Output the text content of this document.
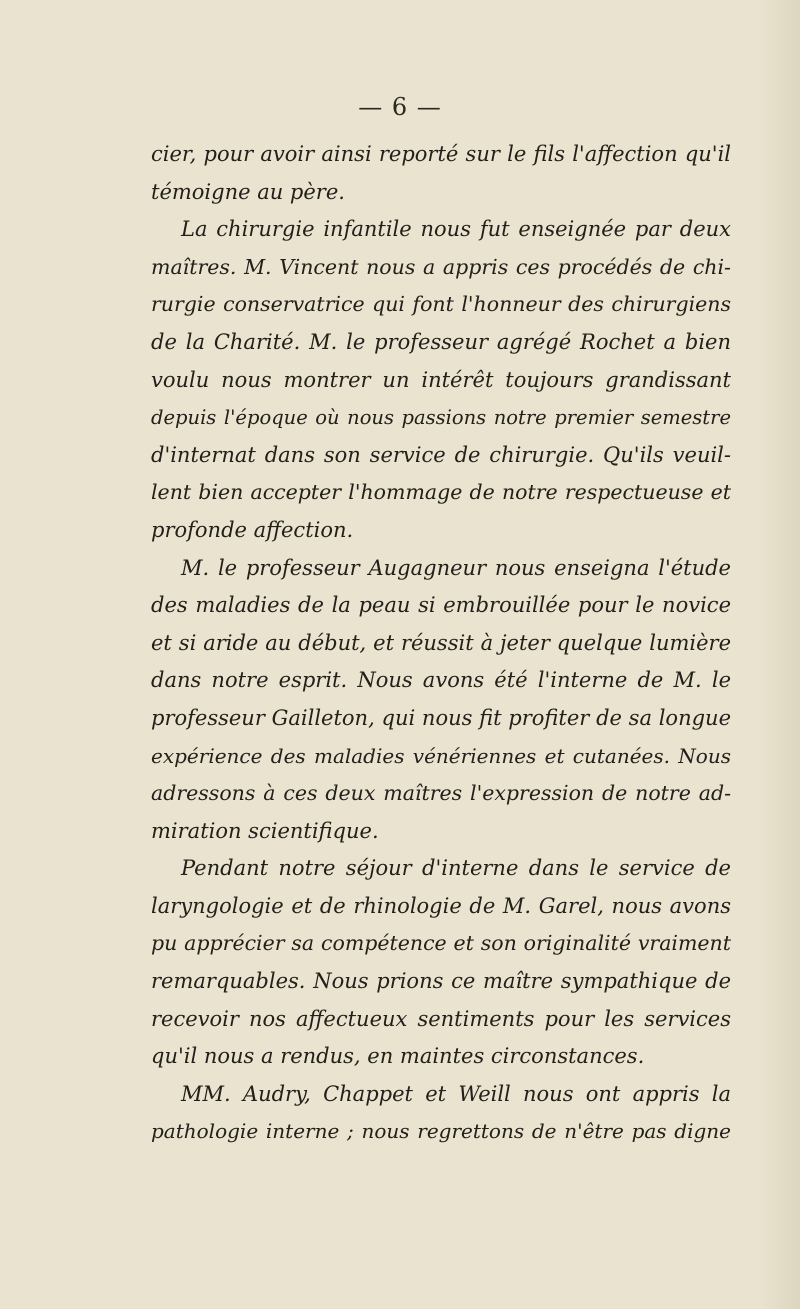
— 6 —
cier, pour avoir ainsi reporté sur le fils l'affection qu'il
témoigne au père.
La chirurgie infantile nous fut enseignée par deux
maîtres. M. Vincent nous a appris ces procédés de chi-
rurgie conservatrice qui font l'honneur des chirurgiens
de la Charité. M. le professeur agrégé Rochet a bien
voulu nous montrer un intérêt toujours grandissant
depuis l'époque où nous passions notre premier semestre
d'internat dans son service de chirurgie. Qu'ils veuil-
lent bien accepter l'hommage de notre respectueuse et
profonde affection.
M. le professeur Augagneur nous enseigna l'étude
des maladies de la peau si embrouillée pour le novice
et si aride au début, et réussit à jeter quelque lumière
dans notre esprit. Nous avons été l'interne de M. le
professeur Gailleton, qui nous fit profiter de sa longue
expérience des maladies vénériennes et cutanées. Nous
adressons à ces deux maîtres l'expression de notre ad-
miration scientifique.
Pendant notre séjour d'interne dans le service de
laryngologie et de rhinologie de M. Garel, nous avons
pu apprécier sa compétence et son originalité vraiment
remarquables. Nous prions ce maître sympathique de
recevoir nos affectueux sentiments pour les services
qu'il nous a rendus, en maintes circonstances.
MM. Audry, Chappet et Weill nous ont appris la
pathologie interne ; nous regrettons de n'être pas digne
